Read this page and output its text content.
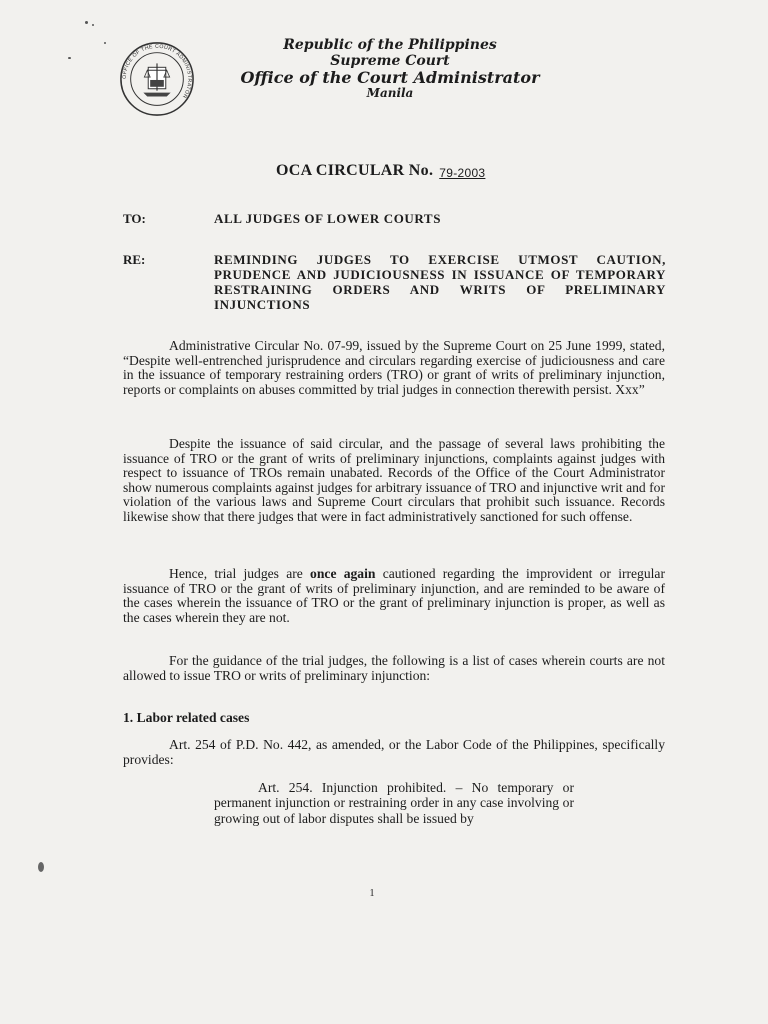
OFFICE OF THE COURT ADMINISTRATOR
Republic of the Philippines
Supreme Court
Office of the Court Administrator
Manila
OCA CIRCULAR No. 79-2003
TO:	ALL JUDGES OF LOWER COURTS
RE:	REMINDING JUDGES TO EXERCISE UTMOST CAUTION, PRUDENCE AND JUDICIOUSNESS IN ISSUANCE OF TEMPORARY RESTRAINING ORDERS AND WRITS OF PRELIMINARY INJUNCTIONS

Administrative Circular No. 07-99, issued by the Supreme Court on 25 June 1999, stated, “Despite well-entrenched jurisprudence and circulars regarding exercise of judiciousness and care in the issuance of temporary restraining orders (TRO) or grant of writs of preliminary injunction, reports or complaints on abuses committed by trial judges in connection therewith persist. Xxx”

Despite the issuance of said circular, and the passage of several laws prohibiting the issuance of TRO or the grant of writs of preliminary injunctions, complaints against judges with respect to issuance of TROs remain unabated. Records of the Office of the Court Administrator show numerous complaints against judges for arbitrary issuance of TRO and injunctive writ and for violation of the various laws and Supreme Court circulars that prohibit such issuance. Records likewise show that there judges that were in fact administratively sanctioned for such offense.

Hence, trial judges are once again cautioned regarding the improvident or irregular issuance of TRO or the grant of writs of preliminary injunction, and are reminded to be aware of the cases wherein the issuance of TRO or the grant of preliminary injunction is proper, as well as the cases wherein they are not.

For the guidance of the trial judges, the following is a list of cases wherein courts are not allowed to issue TRO or writs of preliminary injunction:

1. Labor related cases

Art. 254 of P.D. No. 442, as amended, or the Labor Code of the Philippines, specifically provides:

Art. 254. Injunction prohibited. – No temporary or permanent injunction or restraining order in any case involving or growing out of labor disputes shall be issued by

1
